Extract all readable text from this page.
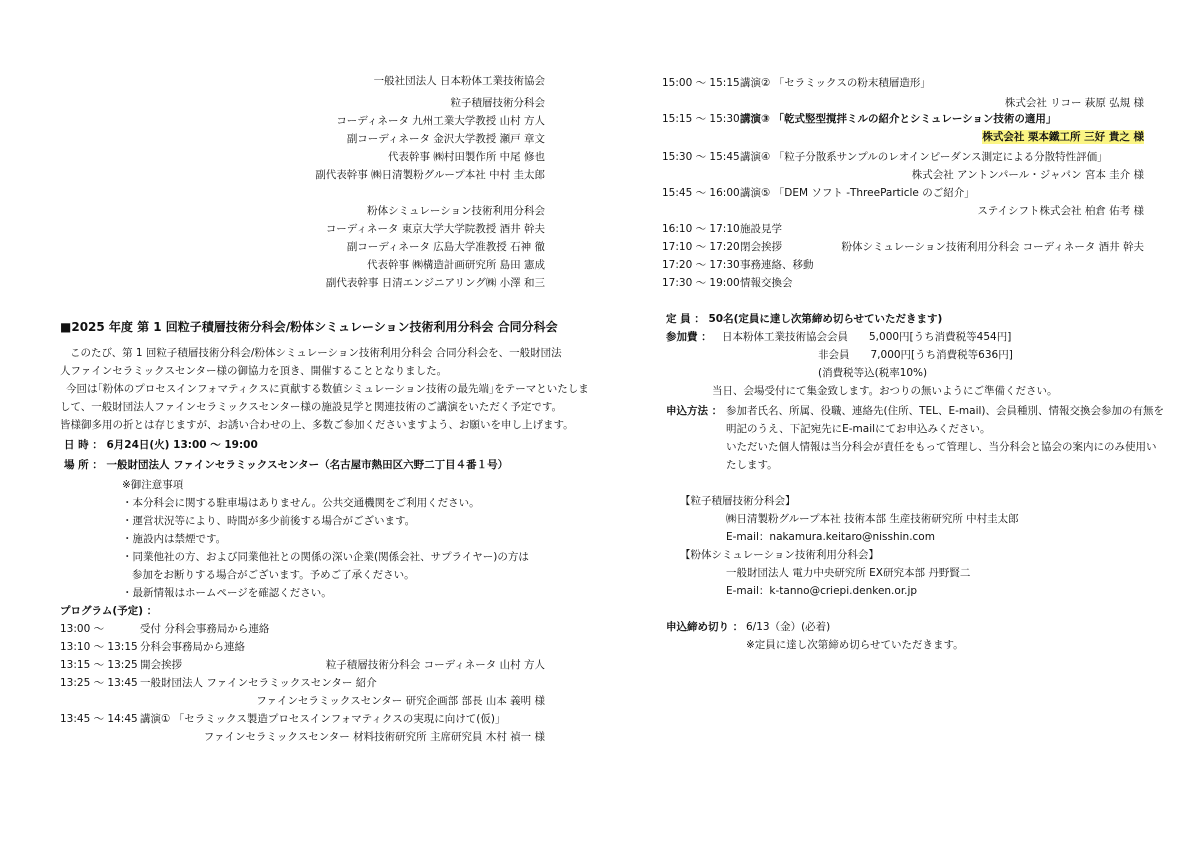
一般社団法人 日本粉体工業技術協会
粒子積層技術分科会
コーディネータ 九州工業大学教授 山村 方人
副コーディネータ 金沢大学教授 瀬戸 章文
代表幹事 ㈱村田製作所 中尾 修也
副代表幹事 ㈱日清製粉グループ本社 中村 圭太郎
粉体シミュレーション技術利用分科会
コーディネータ 東京大学大学院教授 酒井 幹夫
副コーディネータ 広島大学准教授 石神 徹
代表幹事 ㈱構造計画研究所 島田 憲成
副代表幹事 日清エンジニアリング㈱ 小澤 和三
■2025 年度 第 1 回粒子積層技術分科会/粉体シミュレーション技術利用分科会 合同分科会
このたび、第 1 回粒子積層技術分科会/粉体シミュレーション技術利用分科会 合同分科会を、一般財団法
人ファインセラミックスセンター様の御協力を頂き、開催することとなりました。
今回は｢粉体のプロセスインフォマティクスに貢献する数値シミュレーション技術の最先端｣をテーマといたしま
して、一般財団法人ファインセラミックスセンター様の施設見学と関連技術のご講演をいただく予定です。
皆様御多用の折とは存じますが、お誘い合わせの上、多数ご参加くださいますよう、お願いを申し上げます。
日 時 ： 6月24日(火) 13:00 ～ 19:00
場 所 ： 一般財団法人 ファインセラミックスセンター（名古屋市熱田区六野二丁目４番１号）
※御注意事項
・本分科会に関する駐車場はありません。公共交通機関をご利用ください。
・運営状況等により、時間が多少前後する場合がございます。
・施設内は禁煙です。
・同業他社の方、および同業他社との関係の深い企業(関係会社、サプライヤー)の方は
参加をお断りする場合がございます。予めご了承ください。
・最新情報はホームページを確認ください。
プログラム(予定) ：
13:00 ～	受付 分科会事務局から連絡
13:10 ～ 13:15 分科会事務局から連絡
13:15 ～ 13:25 開会挨拶	粒子積層技術分科会 コーディネータ 山村 方人
13:25 ～ 13:45 一般財団法人 ファインセラミックスセンター 紹介
ファインセラミックスセンター 研究企画部 部長 山本 義明 様
13:45 ～ 14:45 講演① 「セラミックス製造プロセスインフォマティクスの実現に向けて(仮)」
ファインセラミックスセンター 材料技術研究所 主席研究員 木村 禎一 様
15:00 ～ 15:15 講演② 「セラミックスの粉末積層造形」
株式会社 リコー 萩原 弘規 様
15:15 ～ 15:30 講演③ 「乾式竪型撹拌ミルの紹介とシミュレーション技術の適用」
株式会社 栗本鐵工所 三好 貴之 様
15:30 ～ 15:45 講演④ 「粒子分散系サンプルのレオインピーダンス測定による分散特性評価」
株式会社 アントンパール・ジャパン 宮本 圭介 様
15:45 ～ 16:00 講演⑤ 「DEM ソフト -ThreeParticle のご紹介」
ステイシフト株式会社 柏倉 佑考 様
16:10 ～ 17:10 施設見学
17:10 ～ 17:20 閉会挨拶	粉体シミュレーション技術利用分科会 コーディネータ 酒井 幹夫
17:20 ～ 17:30 事務連絡、移動
17:30 ～ 19:00 情報交換会
定 員 ： 50名(定員に達し次第締め切らせていただきます)
参加費 ： 日本粉体工業技術協会会員　　5,000円[うち消費税等454円]
非会員　　7,000円[うち消費税等636円]
(消費税等込(税率10%)
当日、会場受付にて集金致します。おつりの無いようにご準備ください。
申込方法 ： 参加者氏名、所属、役職、連絡先(住所、TEL、E-mail)、会員種別、情報交換会参加の有無を
明記のうえ、下記宛先にE-mailにてお申込みください。
いただいた個人情報は当分科会が責任をもって管理し、当分科会と協会の案内にのみ使用い
たします。
【粒子積層技術分科会】
㈱日清製粉グループ本社 技術本部 生産技術研究所 中村圭太郎
E-mail：nakamura.keitaro@nisshin.com
【粉体シミュレーション技術利用分科会】
一般財団法人 電力中央研究所 EX研究本部 丹野賢二
E-mail：k-tanno@criepi.denken.or.jp
申込締め切り ： 6/13（金）(必着)
※定員に達し次第締め切らせていただきます。
